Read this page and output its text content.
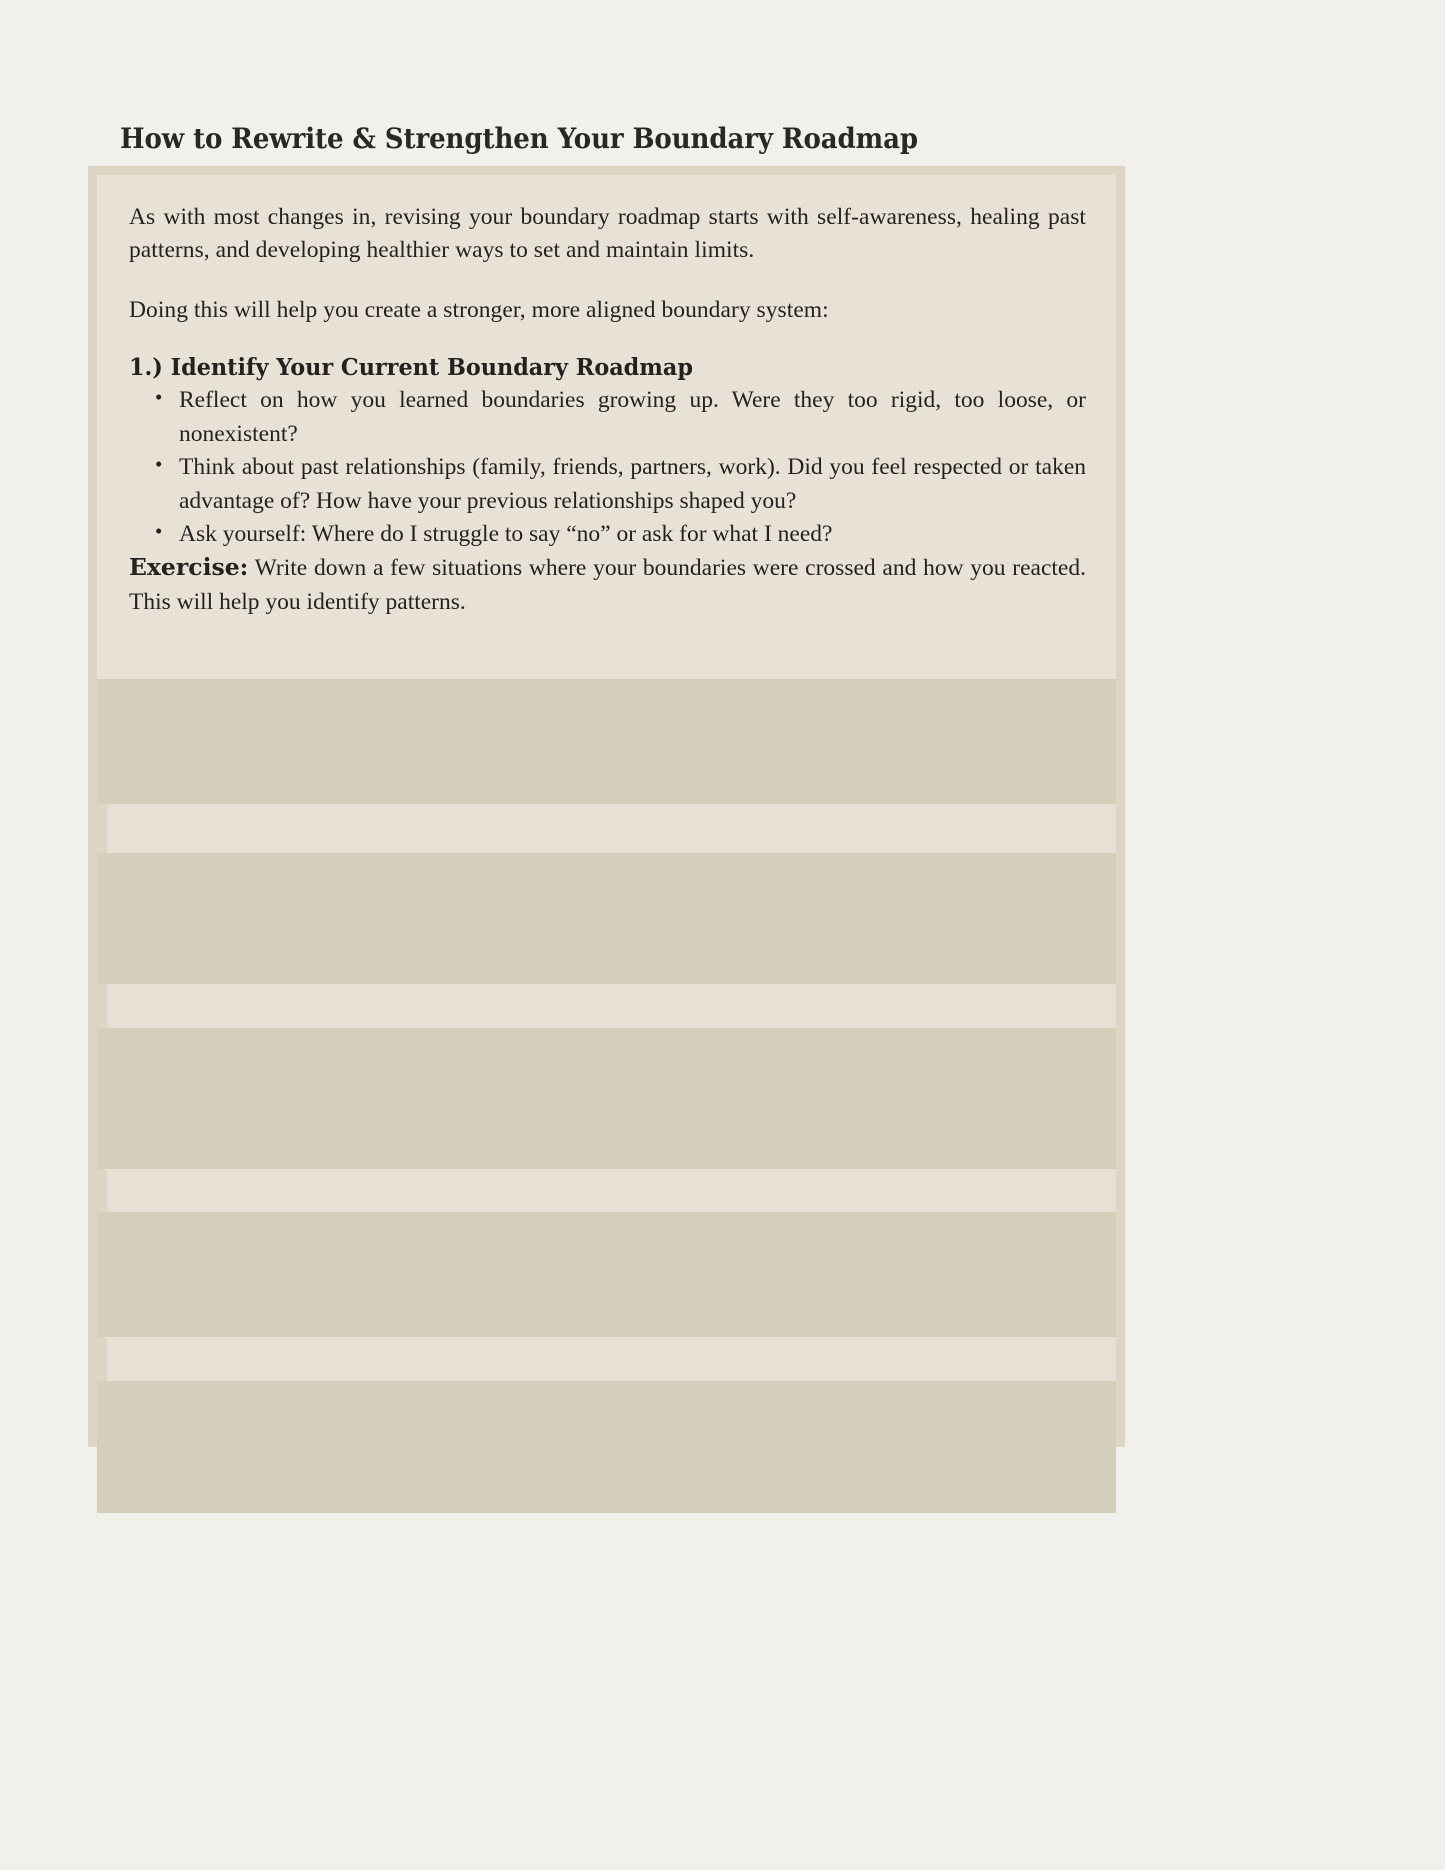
How to Rewrite & Strengthen Your Boundary Roadmap

As with most changes in, revising your boundary roadmap starts with self-awareness, healing past patterns, and developing healthier ways to set and maintain limits.

Doing this will help you create a stronger, more aligned boundary system:

1.) Identify Your Current Boundary Roadmap
• Reflect on how you learned boundaries growing up. Were they too rigid, too loose, or nonexistent?
• Think about past relationships (family, friends, partners, work). Did you feel respected or taken advantage of? How have your previous relationships shaped you?
• Ask yourself: Where do I struggle to say “no” or ask for what I need?

Exercise: Write down a few situations where your boundaries were crossed and how you reacted. This will help you identify patterns.
